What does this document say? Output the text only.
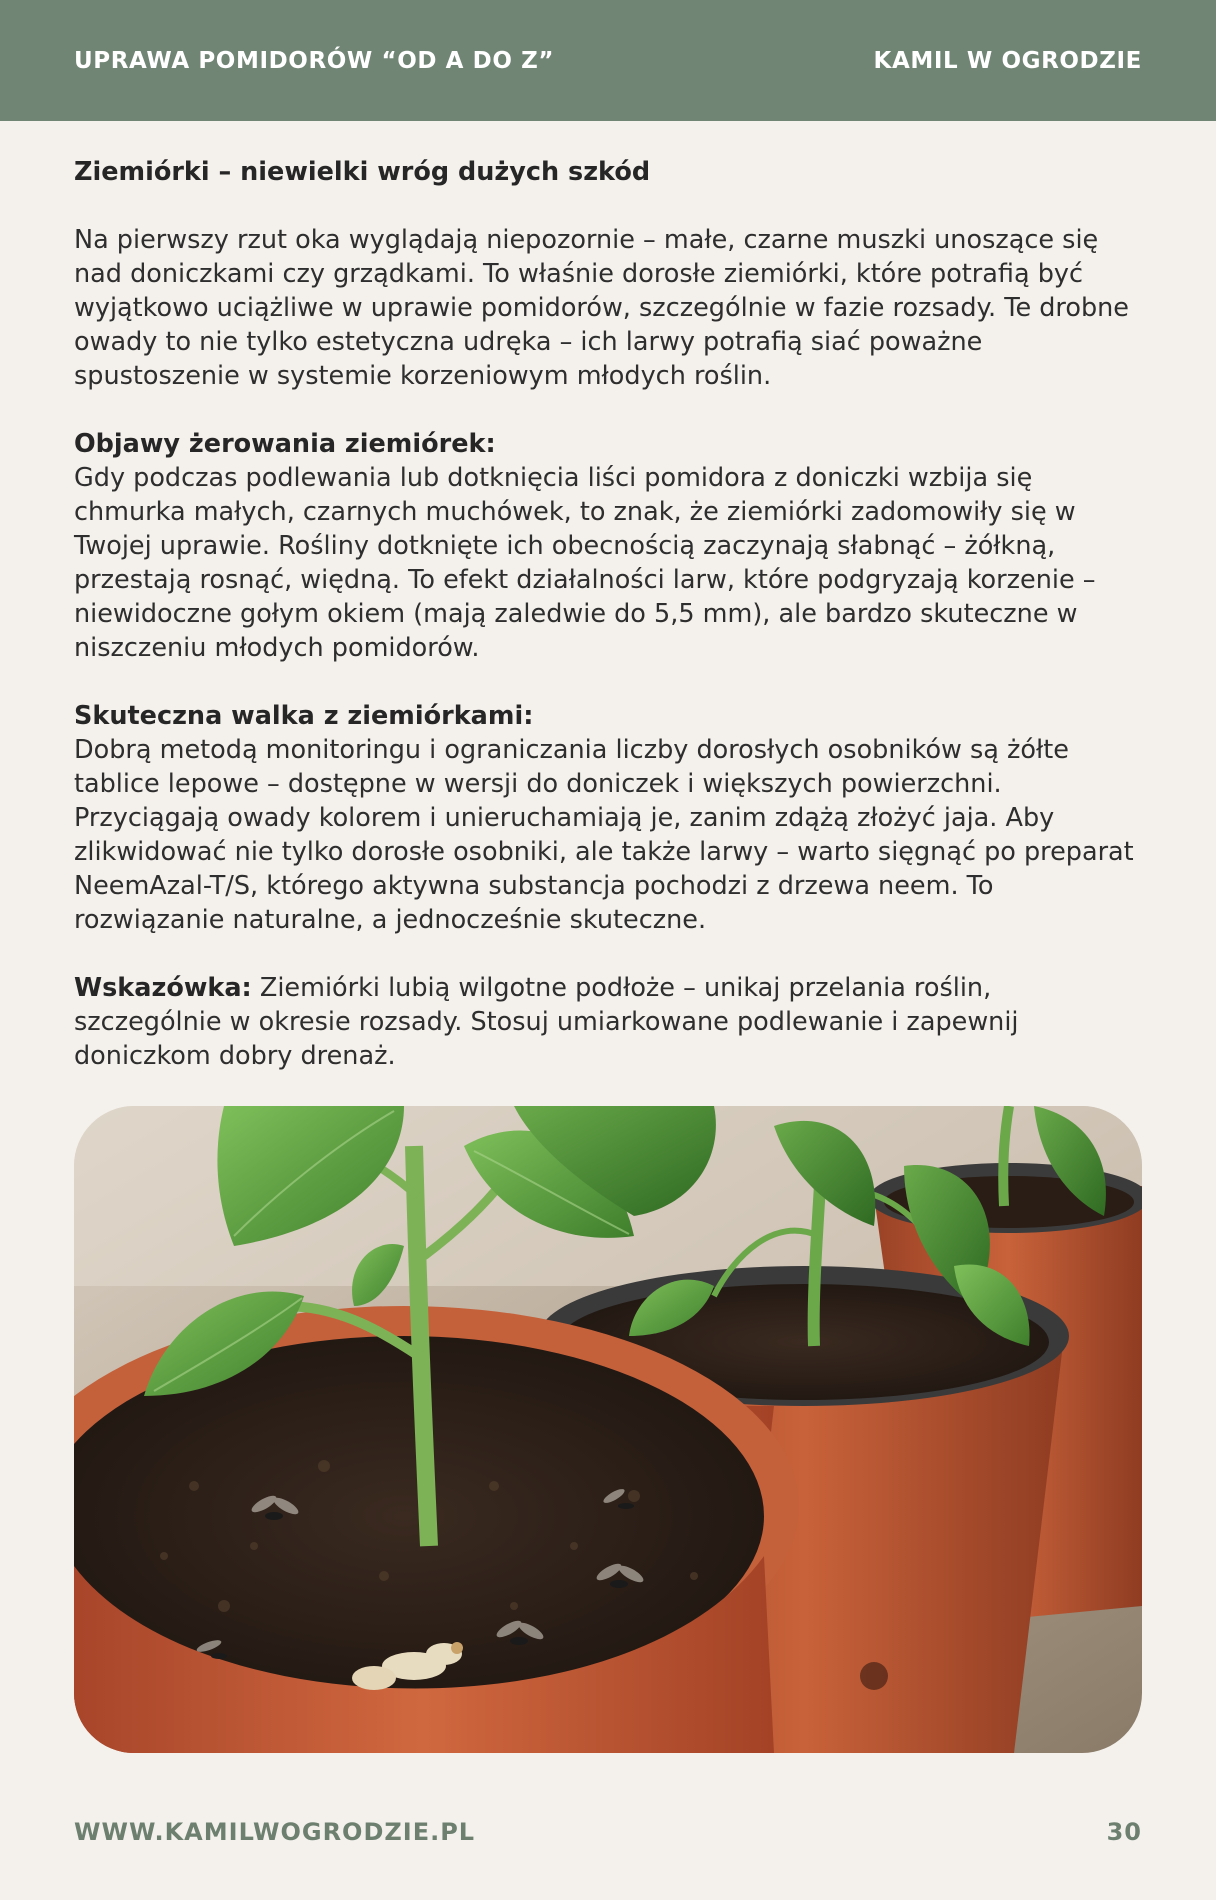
UPRAWA POMIDORÓW “OD A DO Z”	KAMIL W OGRODZIE
Ziemiórki – niewielki wróg dużych szkód

Na pierwszy rzut oka wyglądają niepozornie – małe, czarne muszki unoszące się nad doniczkami czy grządkami. To właśnie dorosłe ziemiórki, które potrafią być wyjątkowo uciążliwe w uprawie pomidorów, szczególnie w fazie rozsady. Te drobne owady to nie tylko estetyczna udręka – ich larwy potrafią siać poważne spustoszenie w systemie korzeniowym młodych roślin.

Objawy żerowania ziemiórek:
Gdy podczas podlewania lub dotknięcia liści pomidora z doniczki wzbija się chmurka małych, czarnych muchówek, to znak, że ziemiórki zadomowiły się w Twojej uprawie. Rośliny dotknięte ich obecnością zaczynają słabnąć – żółkną, przestają rosnąć, więdną. To efekt działalności larw, które podgryzają korzenie – niewidoczne gołym okiem (mają zaledwie do 5,5 mm), ale bardzo skuteczne w niszczeniu młodych pomidorów.

Skuteczna walka z ziemiórkami:
Dobrą metodą monitoringu i ograniczania liczby dorosłych osobników są żółte tablice lepowe – dostępne w wersji do doniczek i większych powierzchni. Przyciągają owady kolorem i unieruchamiają je, zanim zdążą złożyć jaja. Aby zlikwidować nie tylko dorosłe osobniki, ale także larwy – warto sięgnąć po preparat NeemAzal-T/S, którego aktywna substancja pochodzi z drzewa neem. To rozwiązanie naturalne, a jednocześnie skuteczne.

Wskazówka: Ziemiórki lubią wilgotne podłoże – unikaj przelania roślin, szczególnie w okresie rozsady. Stosuj umiarkowane podlewanie i zapewnij doniczkom dobry drenaż.

WWW.KAMILWOGRODZIE.PL	30
